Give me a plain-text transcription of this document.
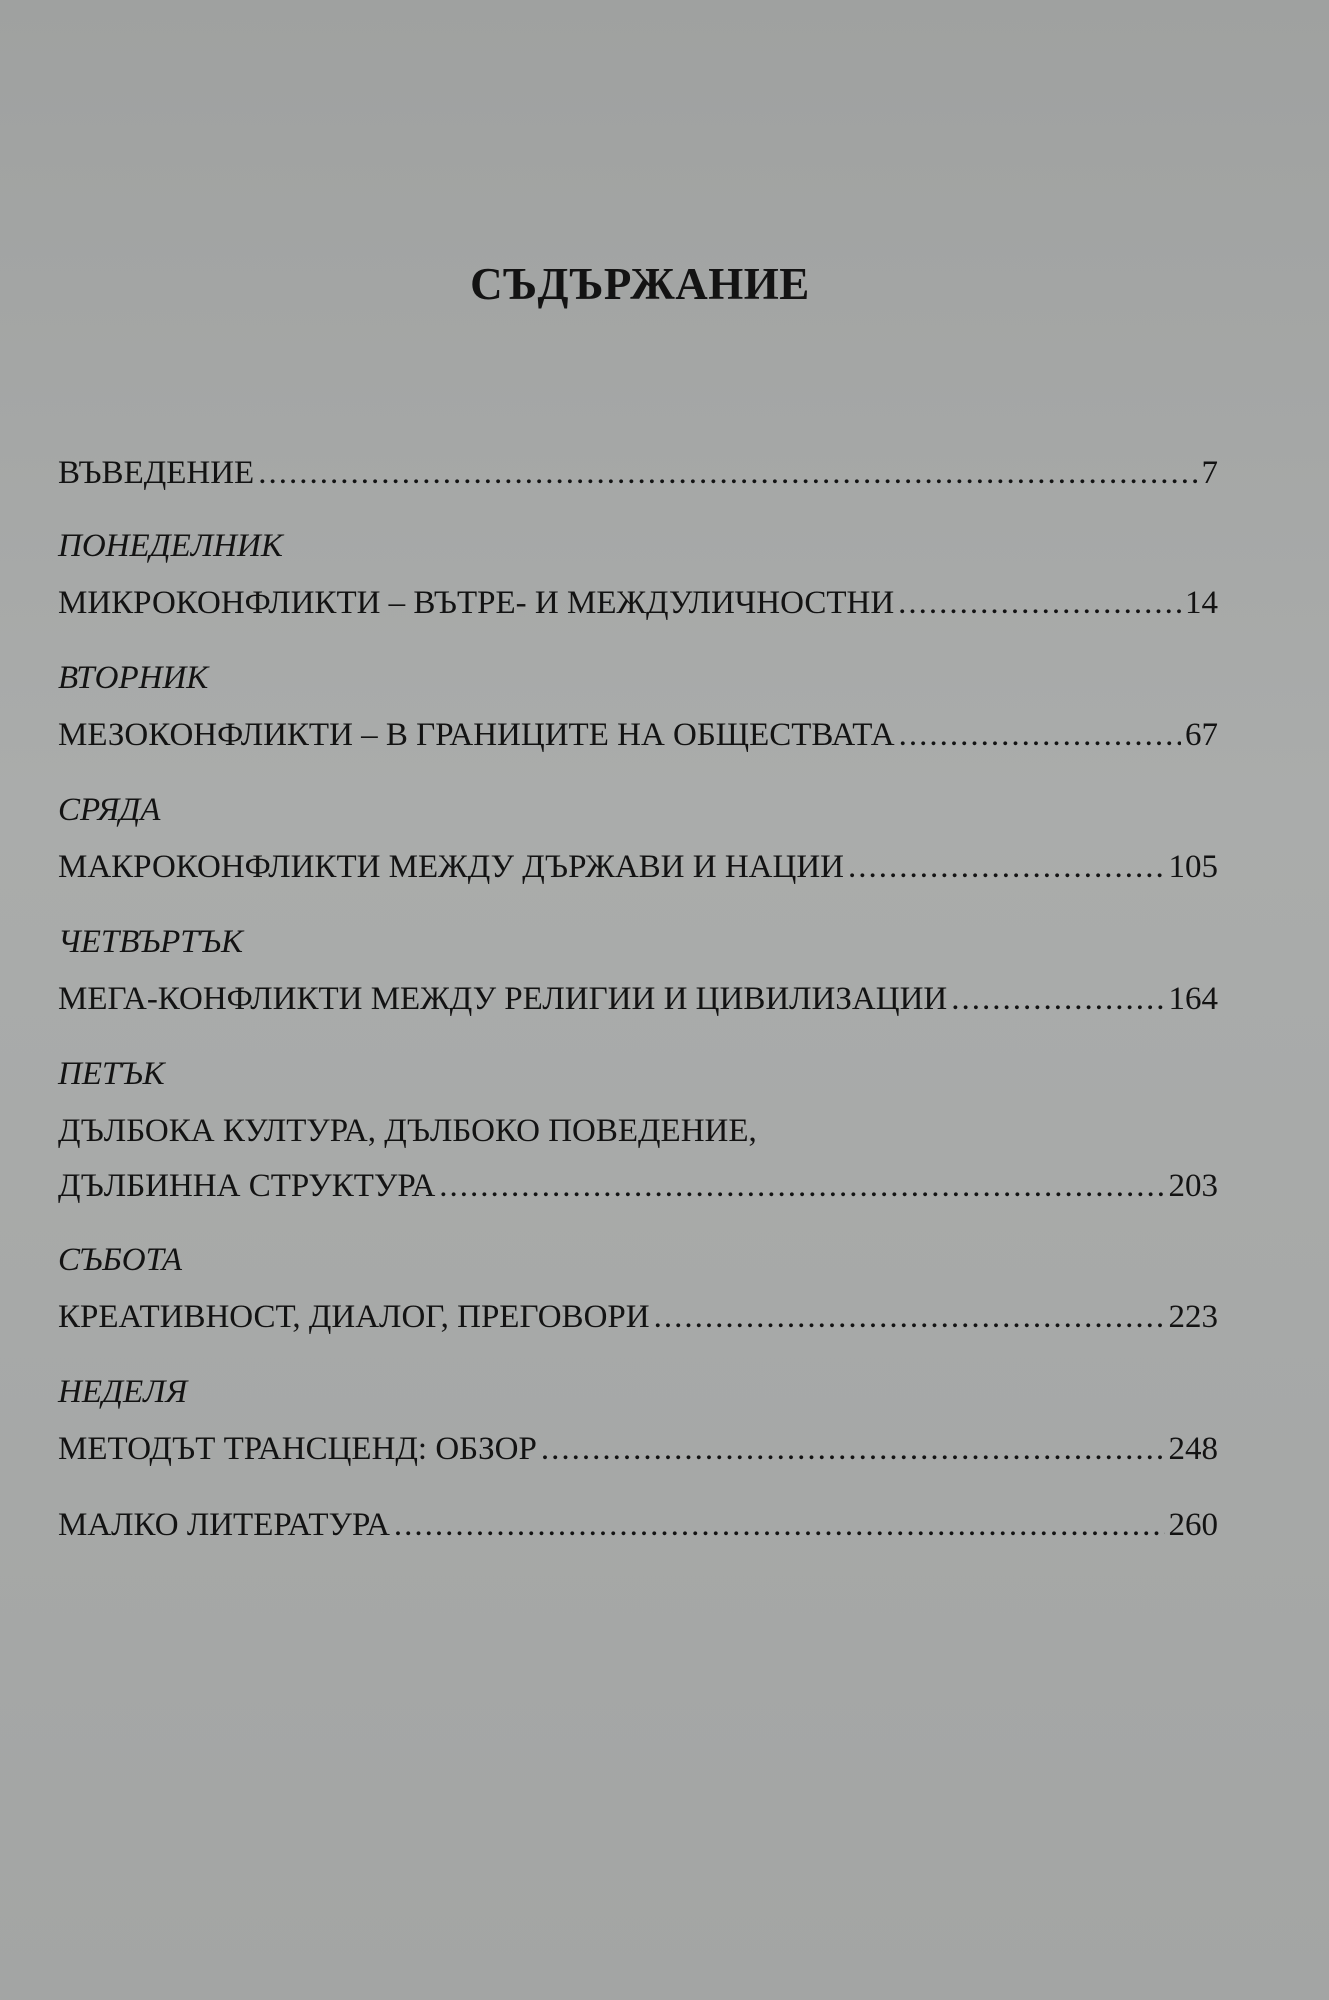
СЪДЪРЖАНИЕ
ВЪВЕДЕНИЕ .....	7
ПОНЕДЕЛНИК
МИКРОКОНФЛИКТИ – ВЪТРЕ- И МЕЖДУЛИЧНОСТНИ .....	14
ВТОРНИК
МЕЗОКОНФЛИКТИ – В ГРАНИЦИТЕ НА ОБЩЕСТВАТА .....	67
СРЯДА
МАКРОКОНФЛИКТИ МЕЖДУ ДЪРЖАВИ И НАЦИИ .....	105
ЧЕТВЪРТЪК
МЕГА-КОНФЛИКТИ МЕЖДУ РЕЛИГИИ И ЦИВИЛИЗАЦИИ .....	164
ПЕТЪК
ДЪЛБОКА КУЛТУРА, ДЪЛБОКО ПОВЕДЕНИЕ,
ДЪЛБИННА СТРУКТУРА .....	203
СЪБОТА
КРЕАТИВНОСТ, ДИАЛОГ, ПРЕГОВОРИ .....	223
НЕДЕЛЯ
МЕТОДЪТ ТРАНСЦЕНД: ОБЗОР .....	248
МАЛКО ЛИТЕРАТУРА .....	260
